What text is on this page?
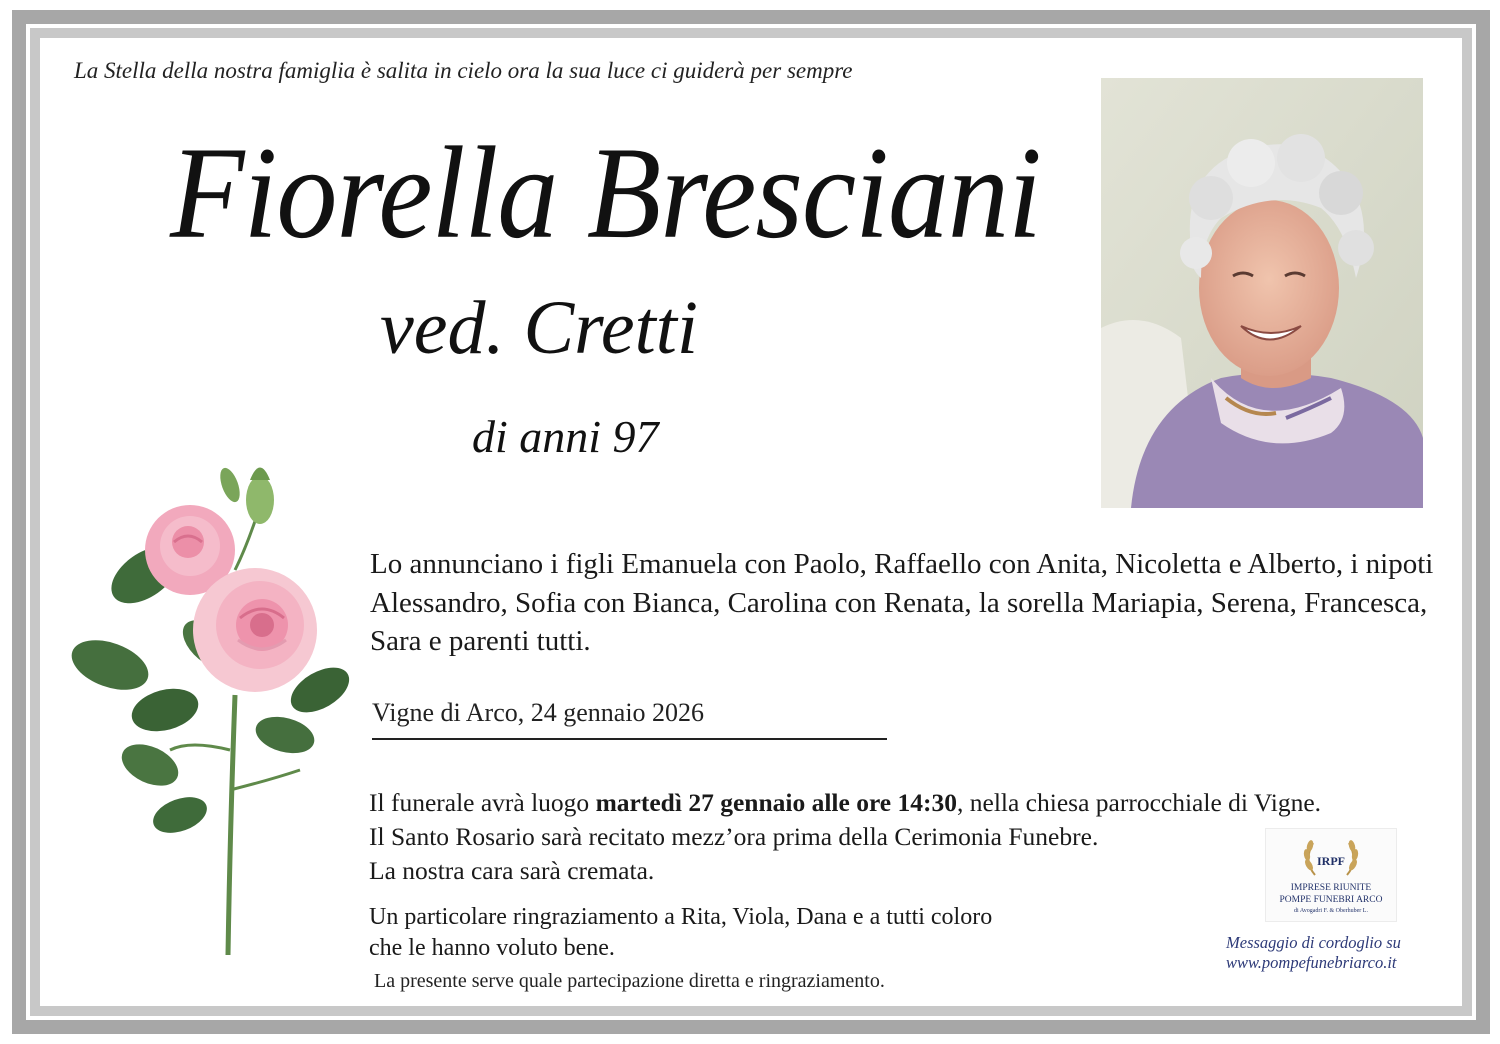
La Stella della nostra famiglia è salita in cielo ora la sua luce ci guiderà per sempre
Fiorella Bresciani
ved. Cretti
di anni 97
Lo annunciano i figli Emanuela con Paolo, Raffaello con Anita, Nicoletta e Alberto, i nipoti Alessandro, Sofia con Bianca, Carolina con Renata, la sorella Mariapia, Serena, Francesca, Sara e parenti tutti.
Vigne di Arco, 24 gennaio 2026
Il funerale avrà luogo martedì 27 gennaio alle ore 14:30, nella chiesa parrocchiale di Vigne.
Il Santo Rosario sarà recitato mezz’ora prima della Cerimonia Funebre.
La nostra cara sarà cremata.
Un particolare ringraziamento a Rita, Viola, Dana e a tutti coloro
che le hanno voluto bene.
La presente serve quale partecipazione diretta e ringraziamento.
IRPF
IMPRESE RIUNITE
POMPE FUNEBRI ARCO
di Avogadri F. & Oberhuber L.
Messaggio di cordoglio su
www.pompefunebriarco.it
